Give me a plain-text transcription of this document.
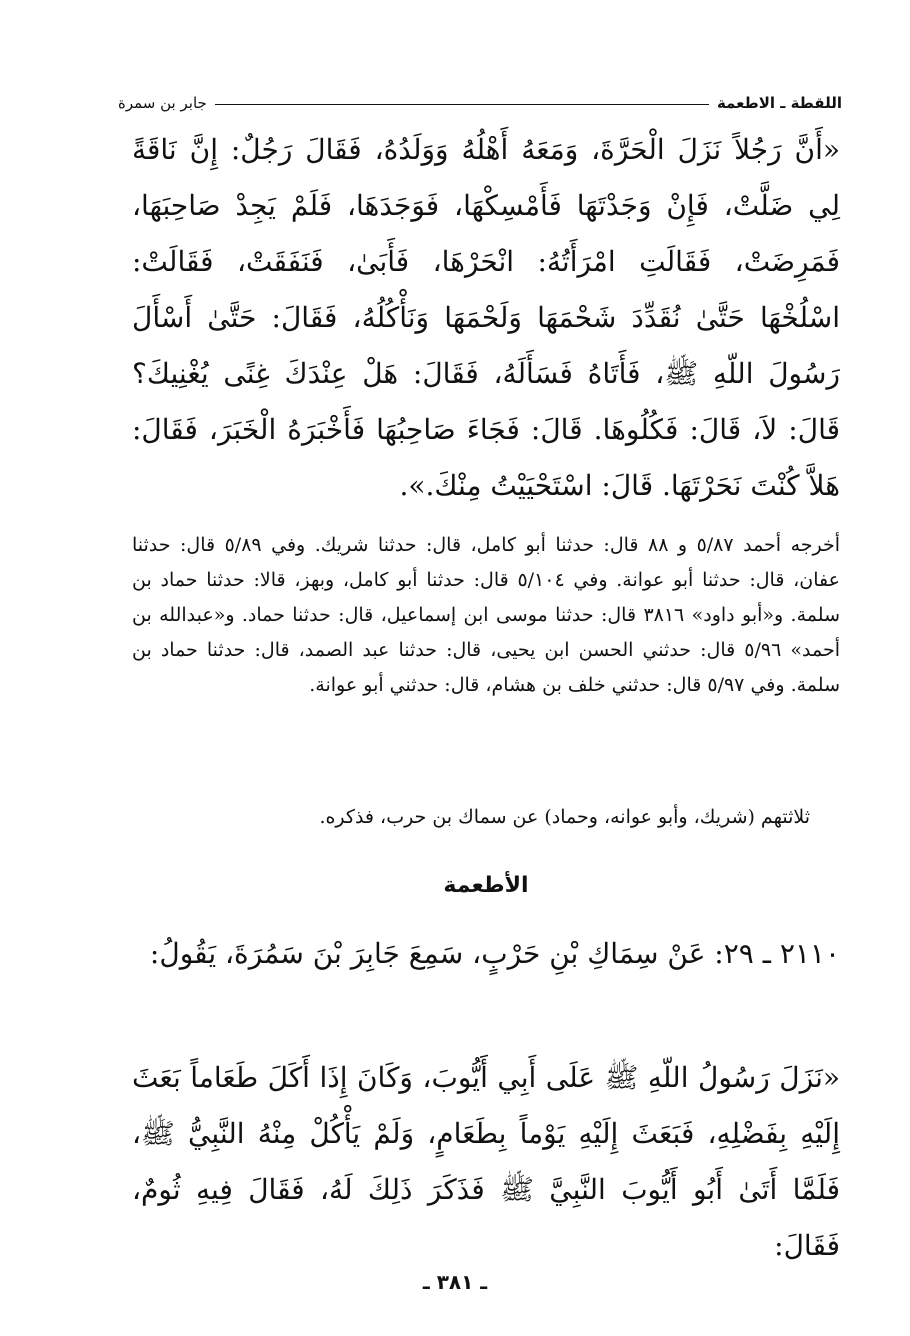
اللقطة ـ الاطعمة
جابر بن سمرة

«أَنَّ رَجُلاً نَزَلَ الْحَرَّةَ، وَمَعَهُ أَهْلُهُ وَوَلَدُهُ، فَقَالَ رَجُلٌ: إِنَّ نَاقَةً لِي ضَلَّتْ، فَإِنْ وَجَدْتَهَا فَأَمْسِكْهَا، فَوَجَدَهَا، فَلَمْ يَجِدْ صَاحِبَهَا، فَمَرِضَتْ، فَقَالَتِ امْرَأَتُهُ: انْحَرْهَا، فَأَبَىٰ، فَنَفَقَتْ، فَقَالَتْ: اسْلُخْهَا حَتَّىٰ نُقَدِّدَ شَحْمَهَا وَلَحْمَهَا وَنَأْكُلُهُ، فَقَالَ: حَتَّىٰ أَسْأَلَ رَسُولَ اللّهِ ﷺ، فَأَتَاهُ فَسَأَلَهُ، فَقَالَ: هَلْ عِنْدَكَ غِنًى يُغْنِيكَ؟ قَالَ: لاَ، قَالَ: فَكُلُوهَا. قَالَ: فَجَاءَ صَاحِبُهَا فَأَخْبَرَهُ الْخَبَرَ، فَقَالَ: هَلاَّ كُنْتَ نَحَرْتَهَا. قَالَ: اسْتَحْيَيْتُ مِنْكَ.».

أخرجه أحمد ٥/٨٧ و ٨٨ قال: حدثنا أبو كامل، قال: حدثنا شريك. وفي ٥/٨٩ قال: حدثنا عفان، قال: حدثنا أبو عوانة. وفي ٥/١٠٤ قال: حدثنا أبو كامل، وبهز، قالا: حدثنا حماد بن سلمة. و«أبو داود» ٣٨١٦ قال: حدثنا موسى ابن إسماعيل، قال: حدثنا حماد. و«عبدالله بن أحمد» ٥/٩٦ قال: حدثني الحسن ابن يحيى، قال: حدثنا عبد الصمد، قال: حدثنا حماد بن سلمة. وفي ٥/٩٧ قال: حدثني خلف بن هشام، قال: حدثني أبو عوانة.

ثلاثتهم (شريك، وأبو عوانه، وحماد) عن سماك بن حرب، فذكره.

الأطعمة

٢١١٠ ـ ٢٩: عَنْ سِمَاكِ بْنِ حَرْبٍ، سَمِعَ جَابِرَ بْنَ سَمُرَةَ، يَقُولُ:

«نَزَلَ رَسُولُ اللّهِ ﷺ عَلَى أَبِي أَيُّوبَ، وَكَانَ إِذَا أَكَلَ طَعَاماً بَعَثَ إِلَيْهِ بِفَضْلِهِ، فَبَعَثَ إِلَيْهِ يَوْماً بِطَعَامٍ، وَلَمْ يَأْكُلْ مِنْهُ النَّبِيُّ ﷺ، فَلَمَّا أَتَىٰ أَبُو أَيُّوبَ النَّبِيَّ ﷺ فَذَكَرَ ذَلِكَ لَهُ، فَقَالَ فِيهِ ثُومٌ، فَقَالَ:

ـ ٣٨١ ـ
